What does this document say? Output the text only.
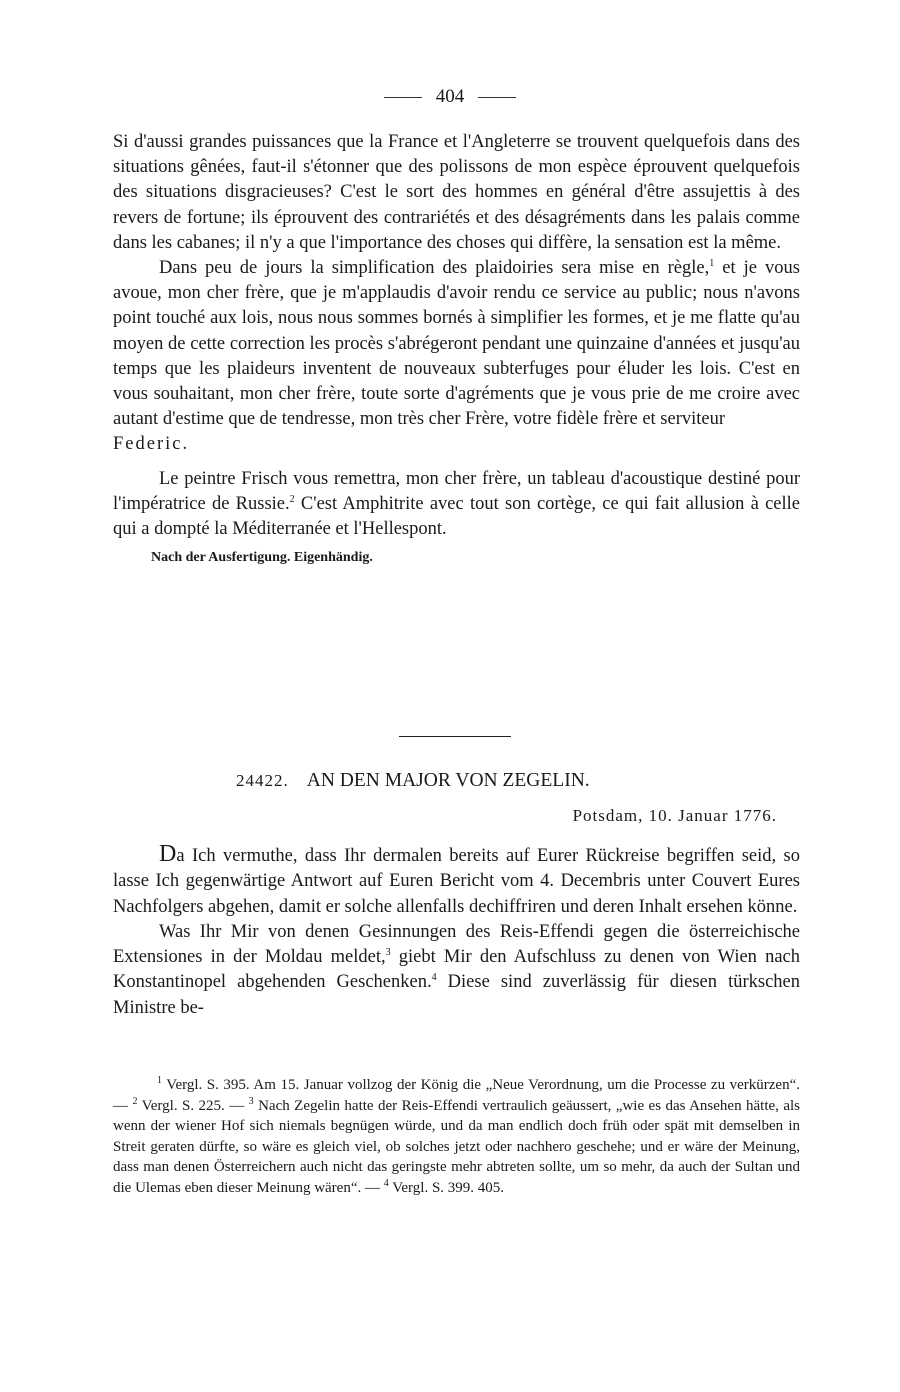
404

Si d'aussi grandes puissances que la France et l'Angleterre se trouvent quelquefois dans des situations gênées, faut-il s'étonner que des polissons de mon espèce éprouvent quelquefois des situations disgracieuses? C'est le sort des hommes en général d'être assujettis à des revers de fortune; ils éprouvent des contrariétés et des désagréments dans les palais comme dans les cabanes; il n'y a que l'importance des choses qui diffère, la sensation est la même.

Dans peu de jours la simplification des plaidoiries sera mise en règle,$^1$ et je vous avoue, mon cher frère, que je m'applaudis d'avoir rendu ce service au public; nous n'avons point touché aux lois, nous nous sommes bornés à simplifier les formes, et je me flatte qu'au moyen de cette correction les procès s'abrégeront pendant une quinzaine d'années et jusqu'au temps que les plaideurs inventent de nouveaux subterfuges pour éluder les lois. C'est en vous souhaitant, mon cher frère, toute sorte d'agréments que je vous prie de me croire avec autant d'estime que de tendresse, mon très cher Frère, votre fidèle frère et serviteur

Federic.

Le peintre Frisch vous remettra, mon cher frère, un tableau d'acoustique destiné pour l'impératrice de Russie.$^2$ C'est Amphitrite avec tout son cortège, ce qui fait allusion à celle qui a dompté la Méditerranée et l'Hellespont.

Nach der Ausfertigung. Eigenhändig.

24422. AN DEN MAJOR VON ZEGELIN.
Potsdam, 10. Januar 1776.

Da Ich vermuthe, dass Ihr dermalen bereits auf Eurer Rückreise begriffen seid, so lasse Ich gegenwärtige Antwort auf Euren Bericht vom 4. Decembris unter Couvert Eures Nachfolgers abgehen, damit er solche allenfalls dechiffriren und deren Inhalt ersehen könne.

Was Ihr Mir von denen Gesinnungen des Reis-Effendi gegen die österreichische Extensiones in der Moldau meldet,$^3$ giebt Mir den Aufschluss zu denen von Wien nach Konstantinopel abgehenden Geschenken.$^4$ Diese sind zuverlässig für diesen türkschen Ministre be-

$^1$ Vergl. S. 395. Am 15. Januar vollzog der König die „Neue Verordnung, um die Processe zu verkürzen“. — $^2$ Vergl. S. 225. — $^3$ Nach Zegelin hatte der Reis-Effendi vertraulich geäussert, „wie es das Ansehen hätte, als wenn der wiener Hof sich niemals begnügen würde, und da man endlich doch früh oder spät mit demselben in Streit geraten dürfte, so wäre es gleich viel, ob solches jetzt oder nachhero geschehe; und er wäre der Meinung, dass man denen Österreichern auch nicht das geringste mehr abtreten sollte, um so mehr, da auch der Sultan und die Ulemas eben dieser Meinung wären“. — $^4$ Vergl. S. 399. 405.
